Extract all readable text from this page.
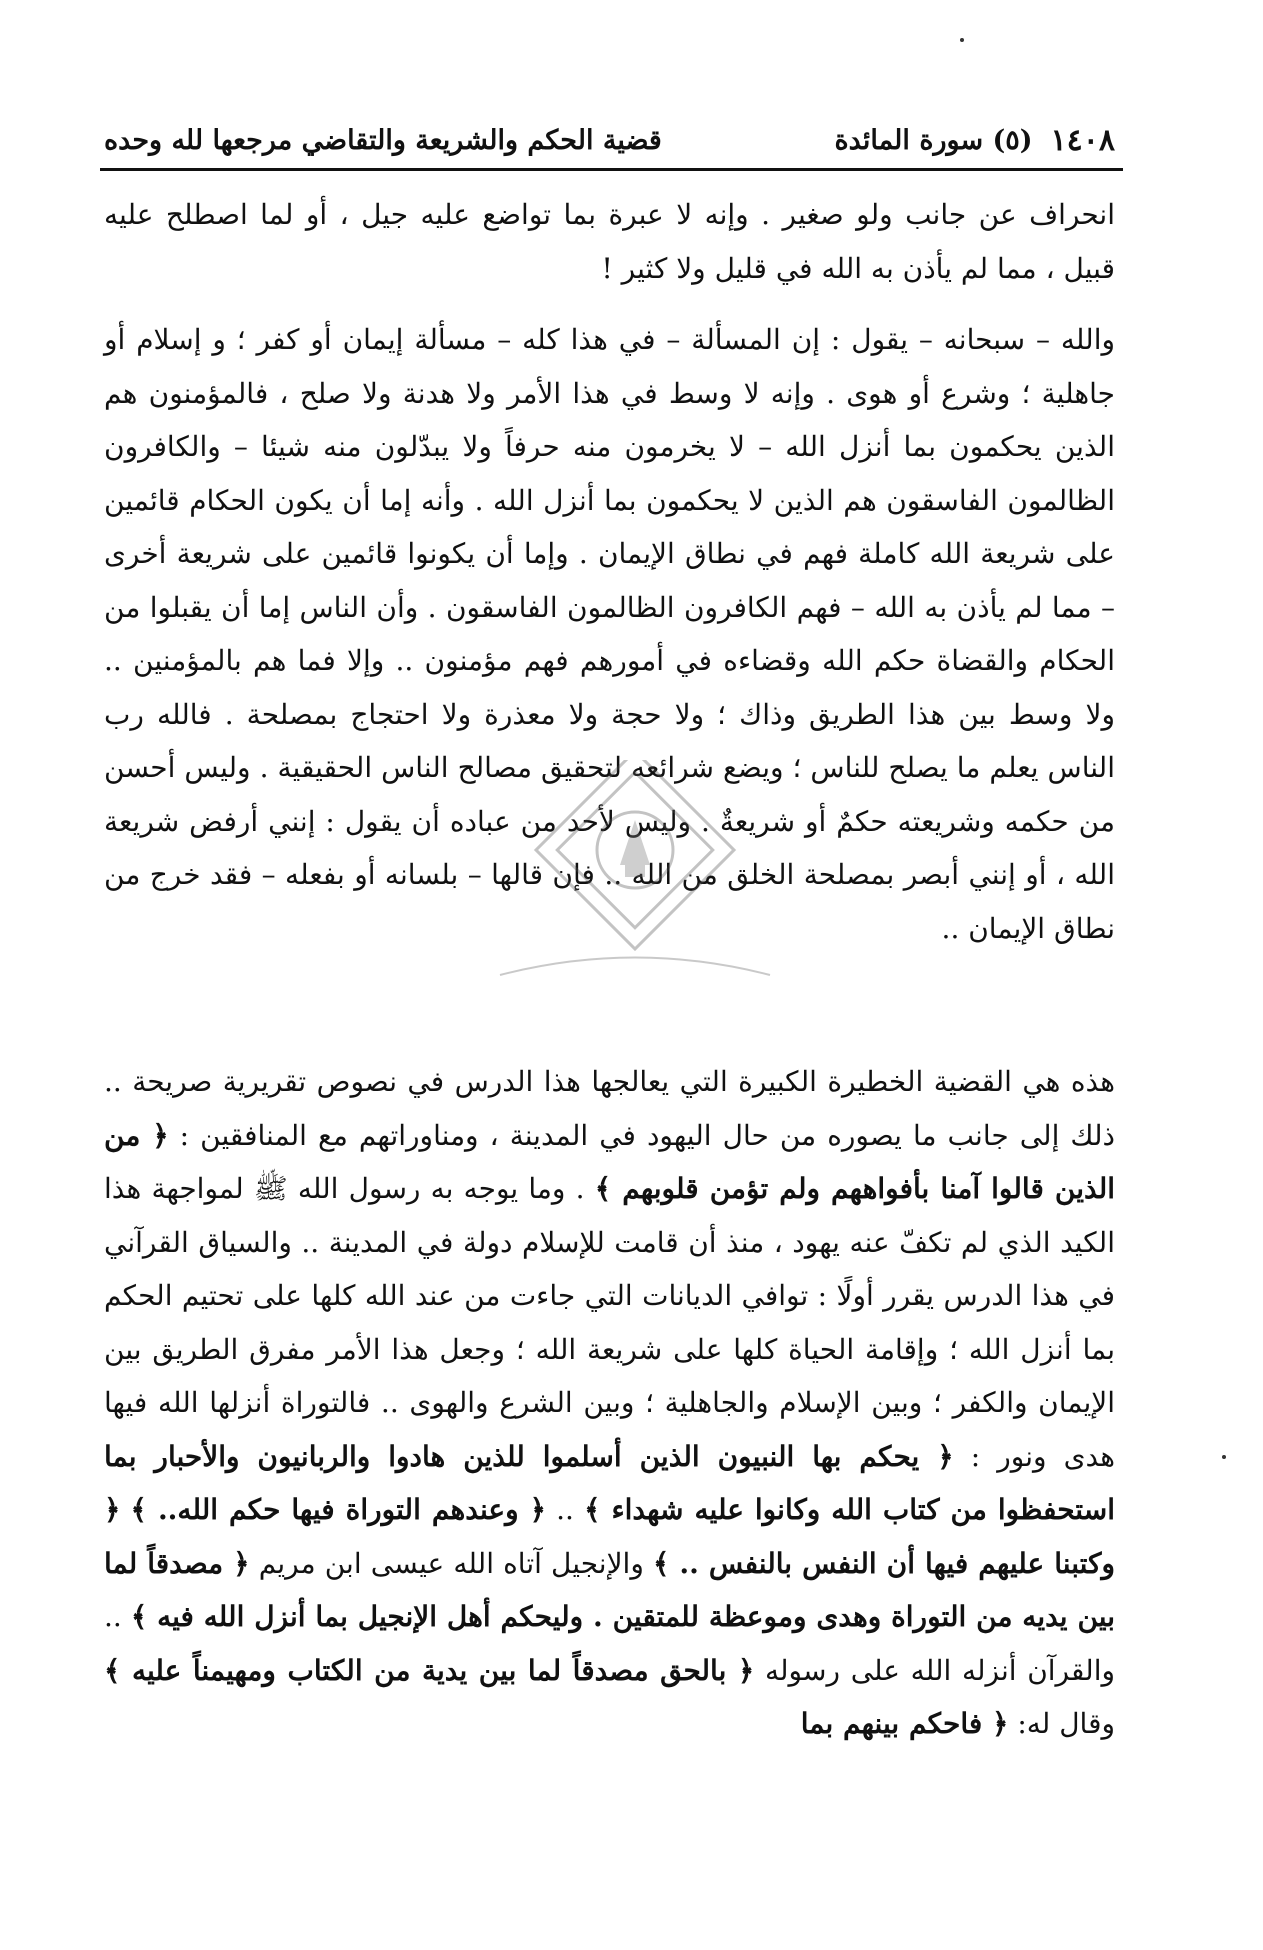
١٤٠٨
(٥) سورة المائدة
قضية الحكم والشريعة والتقاضي مرجعها لله وحده

انحراف عن جانب ولو صغير . وإنه لا عبرة بما تواضع عليه جيل ، أو لما اصطلح عليه قبيل ، مما لم يأذن به الله في قليل ولا كثير !

والله – سبحانه – يقول : إن المسألة – في هذا كله – مسألة إيمان أو كفر ؛ و إسلام أو جاهلية ؛ وشرع أو هوى . وإنه لا وسط في هذا الأمر ولا هدنة ولا صلح ، فالمؤمنون هم الذين يحكمون بما أنزل الله – لا يخرمون منه حرفاً ولا يبدّلون منه شيئا – والكافرون الظالمون الفاسقون هم الذين لا يحكمون بما أنزل الله . وأنه إما أن يكون الحكام قائمين على شريعة الله كاملة فهم في نطاق الإيمان . وإما أن يكونوا قائمين على شريعة أخرى – مما لم يأذن به الله – فهم الكافرون الظالمون الفاسقون . وأن الناس إما أن يقبلوا من الحكام والقضاة حكم الله وقضاءه في أمورهم فهم مؤمنون .. وإلا فما هم بالمؤمنين .. ولا وسط بين هذا الطريق وذاك ؛ ولا حجة ولا معذرة ولا احتجاج بمصلحة . فالله رب الناس يعلم ما يصلح للناس ؛ ويضع شرائعه لتحقيق مصالح الناس الحقيقية . وليس أحسن من حكمه وشريعته حكمٌ أو شريعةٌ . وليس لأحد من عباده أن يقول : إنني أرفض شريعة الله ، أو إنني أبصر بمصلحة الخلق من الله .. فإن قالها – بلسانه أو بفعله – فقد خرج من نطاق الإيمان ..

هذه هي القضية الخطيرة الكبيرة التي يعالجها هذا الدرس في نصوص تقريرية صريحة .. ذلك إلى جانب ما يصوره من حال اليهود في المدينة ، ومناوراتهم مع المنافقين : ﴿ من الذين قالوا آمنا بأفواههم ولم تؤمن قلوبهم ﴾ . وما يوجه به رسول الله ﷺ لمواجهة هذا الكيد الذي لم تكفّ عنه يهود ، منذ أن قامت للإسلام دولة في المدينة .. والسياق القرآني في هذا الدرس يقرر أولًا : توافي الديانات التي جاءت من عند الله كلها على تحتيم الحكم بما أنزل الله ؛ وإقامة الحياة كلها على شريعة الله ؛ وجعل هذا الأمر مفرق الطريق بين الإيمان والكفر ؛ وبين الإسلام والجاهلية ؛ وبين الشرع والهوى .. فالتوراة أنزلها الله فيها هدى ونور : ﴿ يحكم بها النبيون الذين أسلموا للذين هادوا والربانيون والأحبار بما استحفظوا من كتاب الله وكانوا عليه شهداء ﴾ .. ﴿ وعندهم التوراة فيها حكم الله.. ﴾ ﴿ وكتبنا عليهم فيها أن النفس بالنفس .. ﴾ والإنجيل آتاه الله عيسى ابن مريم ﴿ مصدقاً لما بين يديه من التوراة وهدى وموعظة للمتقين . وليحكم أهل الإنجيل بما أنزل الله فيه ﴾ .. والقرآن أنزله الله على رسوله ﴿ بالحق مصدقاً لما بين يدية من الكتاب ومهيمناً عليه ﴾ وقال له: ﴿ فاحكم بينهم بما
